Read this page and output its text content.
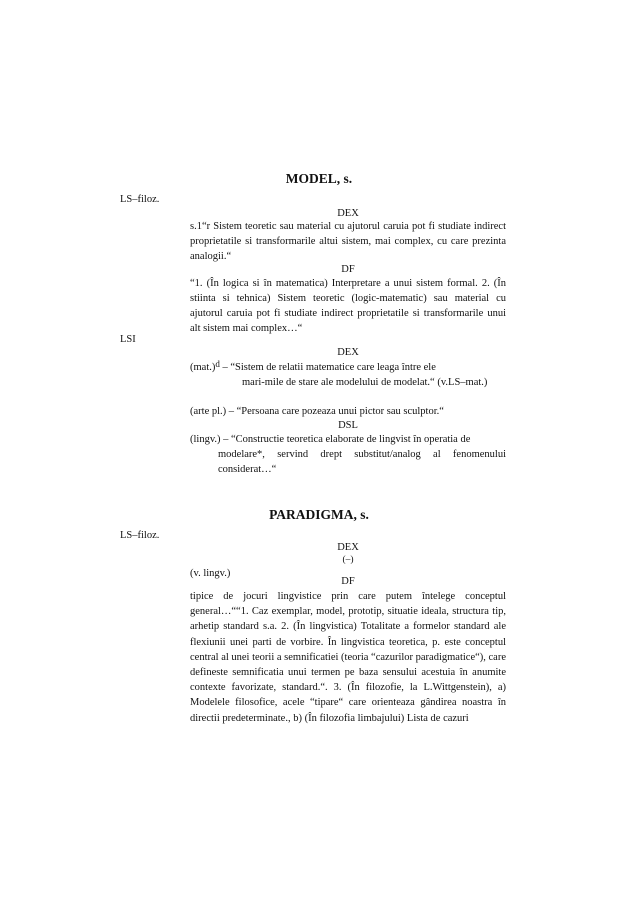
MODEL, s.
LS–filoz.
DEX

s.1“r Sistem teoretic sau material cu ajutorul caruia pot fi studiate indirect proprietatile si transformarile altui sistem, mai complex, cu care prezinta analogii.“

DF

“1. (În logica si în matematica) Interpretare a unui sistem formal. 2. (În stiinta si tehnica) Sistem teoretic (logic-matematic) sau material cu ajutorul caruia pot fi studiate indirect proprietatile si transformarile unui alt sistem mai complex…“

LSI
DEX
$(mat.)^d$ – “Sistem de relatii matematice care leaga între ele
mari-mile de stare ale modelului de modelat.“ (v.LS–mat.)
(arte pl.) – “Persoana care pozeaza unui pictor sau sculptor.“
DSL
(lingv.) – “Constructie teoretica elaborate de lingvist în operatia de
modelare*, servind drept substitut/analog al fenomenului considerat…“
PARADIGMA, s.
LS–filoz.
DEX
(–)
(v. lingv.)
DF

tipice de jocuri lingvistice prin care putem întelege conceptul general…““1. Caz exemplar, model, prototip, situatie ideala, structura tip, arhetip standard s.a. 2. (În lingvistica) Totalitate a formelor standard ale flexiunii unei parti de vorbire. În lingvistica teoretica, p. este conceptul central al unei teorii a semnificatiei (teoria “cazurilor paradigmatice“), care defineste semnificatia unui termen pe baza sensului acestuia în anumite contexte favorizate, standard.“. 3. (În filozofie, la L.Wittgenstein), a) Modelele filosofice, acele “tipare“ care orienteaza gândirea noastra în directii predeterminate., b) (În filozofia limbajului) Lista de cazuri
